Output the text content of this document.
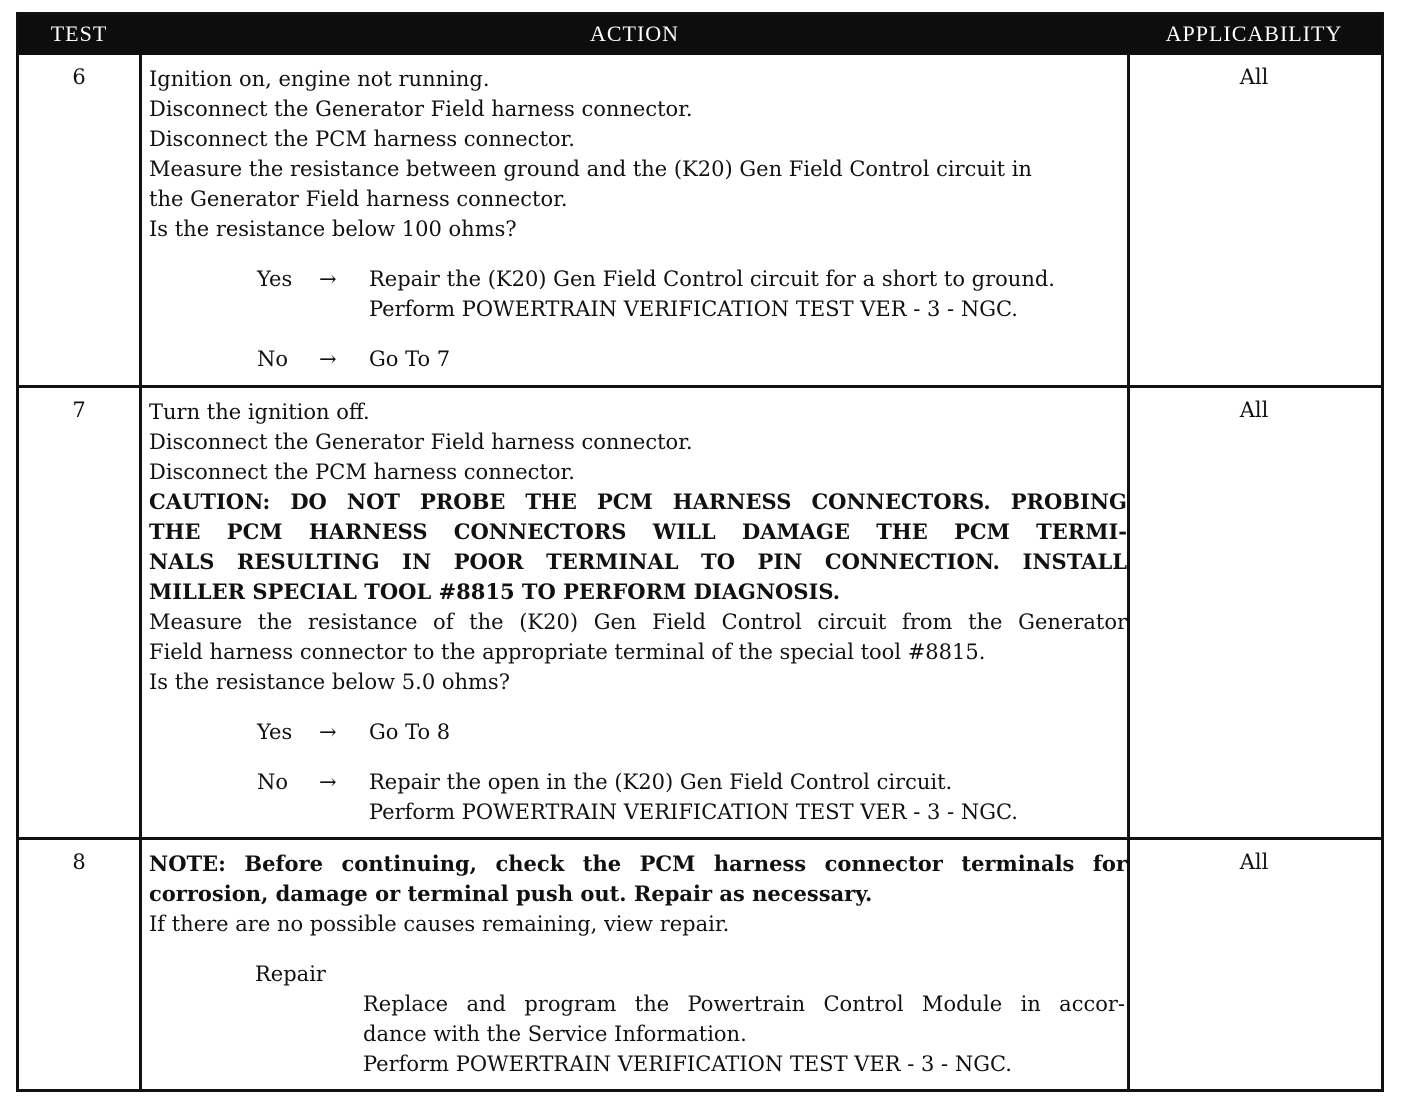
TEST	ACTION	APPLICABILITY
6	Ignition on, engine not running.
Disconnect the Generator Field harness connector.
Disconnect the PCM harness connector.
Measure the resistance between ground and the (K20) Gen Field Control circuit in
the Generator Field harness connector.
Is the resistance below 100 ohms?
Yes → Repair the (K20) Gen Field Control circuit for a short to ground.
Perform POWERTRAIN VERIFICATION TEST VER - 3 - NGC.
No → Go To 7
All
7	Turn the ignition off.
Disconnect the Generator Field harness connector.
Disconnect the PCM harness connector.
CAUTION: DO NOT PROBE THE PCM HARNESS CONNECTORS. PROBING
THE PCM HARNESS CONNECTORS WILL DAMAGE THE PCM TERMI-
NALS RESULTING IN POOR TERMINAL TO PIN CONNECTION. INSTALL
MILLER SPECIAL TOOL #8815 TO PERFORM DIAGNOSIS.
Measure the resistance of the (K20) Gen Field Control circuit from the Generator
Field harness connector to the appropriate terminal of the special tool #8815.
Is the resistance below 5.0 ohms?
Yes → Go To 8
No → Repair the open in the (K20) Gen Field Control circuit.
Perform POWERTRAIN VERIFICATION TEST VER - 3 - NGC.
All
8	NOTE: Before continuing, check the PCM harness connector terminals for
corrosion, damage or terminal push out. Repair as necessary.
If there are no possible causes remaining, view repair.
Repair
Replace and program the Powertrain Control Module in accor-
dance with the Service Information.
Perform POWERTRAIN VERIFICATION TEST VER - 3 - NGC.
All
